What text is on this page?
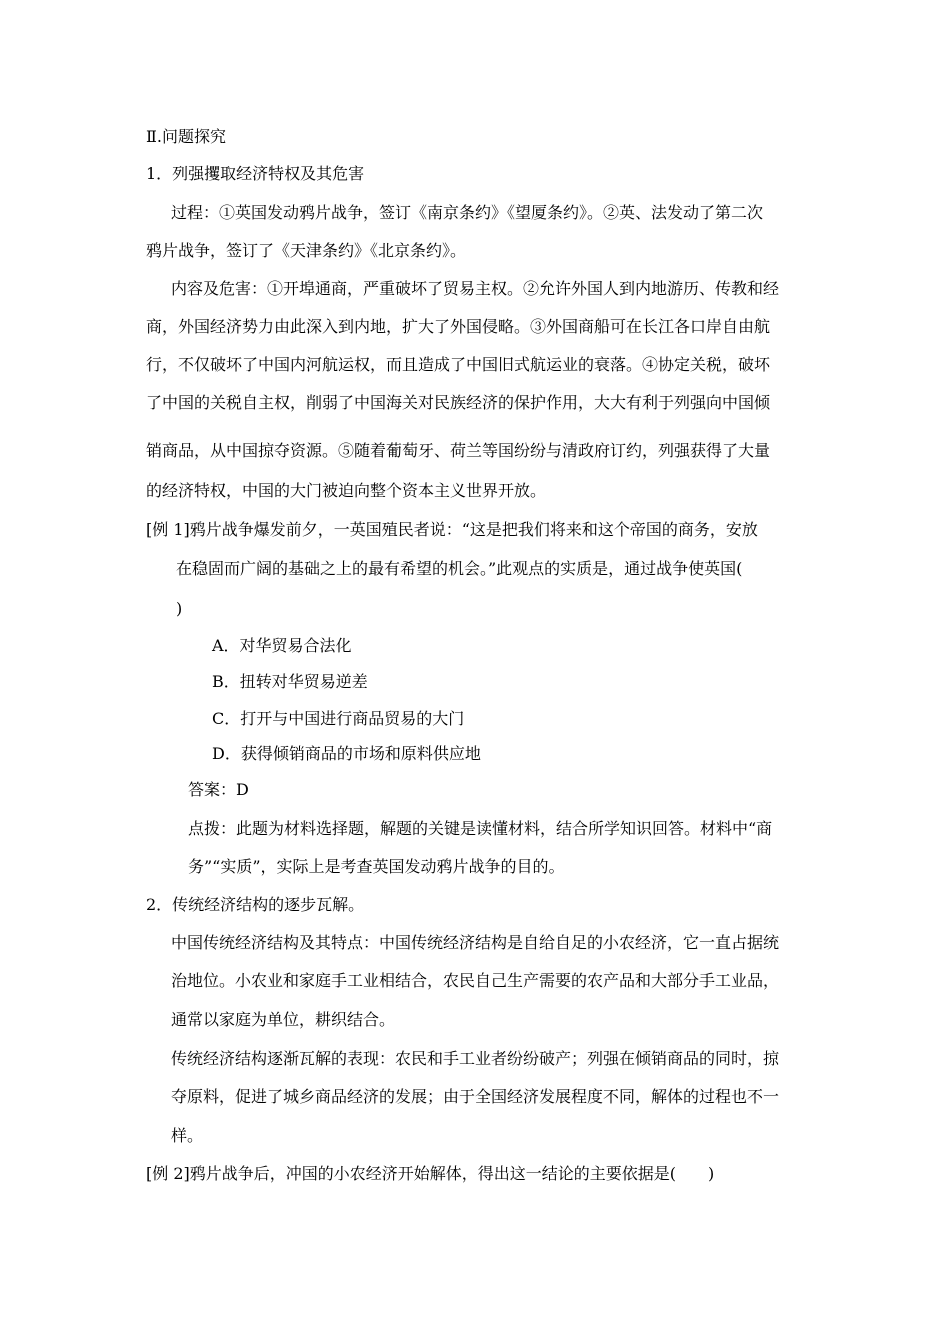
Ⅱ.问题探究
1．列强攫取经济特权及其危害
过程：①英国发动鸦片战争，签订《南京条约》《望厦条约》。②英、法发动了第二次
鸦片战争，签订了《天津条约》《北京条约》。
内容及危害：①开埠通商，严重破坏了贸易主权。②允许外国人到内地游历、传教和经
商，外国经济势力由此深入到内地，扩大了外国侵略。③外国商船可在长江各口岸自由航
行，不仅破坏了中国内河航运权，而且造成了中国旧式航运业的衰落。④协定关税，破坏
了中国的关税自主权，削弱了中国海关对民族经济的保护作用，大大有利于列强向中国倾
销商品，从中国掠夺资源。⑤随着葡萄牙、荷兰等国纷纷与清政府订约，列强获得了大量
的经济特权，中国的大门被迫向整个资本主义世界开放。
[例 1]鸦片战争爆发前夕，一英国殖民者说：“这是把我们将来和这个帝国的商务，安放
在稳固而广阔的基础之上的最有希望的机会。”此观点的实质是，通过战争使英国(
)
A．对华贸易合法化
B．扭转对华贸易逆差
C．打开与中国进行商品贸易的大门
D．获得倾销商品的市场和原料供应地
答案：D
点拨：此题为材料选择题，解题的关键是读懂材料，结合所学知识回答。材料中“商
务”“实质”，实际上是考查英国发动鸦片战争的目的。
2．传统经济结构的逐步瓦解。
中国传统经济结构及其特点：中国传统经济结构是自给自足的小农经济，它一直占据统
治地位。小农业和家庭手工业相结合，农民自己生产需要的农产品和大部分手工业品，
通常以家庭为单位，耕织结合。
传统经济结构逐渐瓦解的表现：农民和手工业者纷纷破产；列强在倾销商品的同时，掠
夺原料，促进了城乡商品经济的发展；由于全国经济发展程度不同，解体的过程也不一
样。
[例 2]鸦片战争后，冲国的小农经济开始解体，得出这一结论的主要依据是(　　)
